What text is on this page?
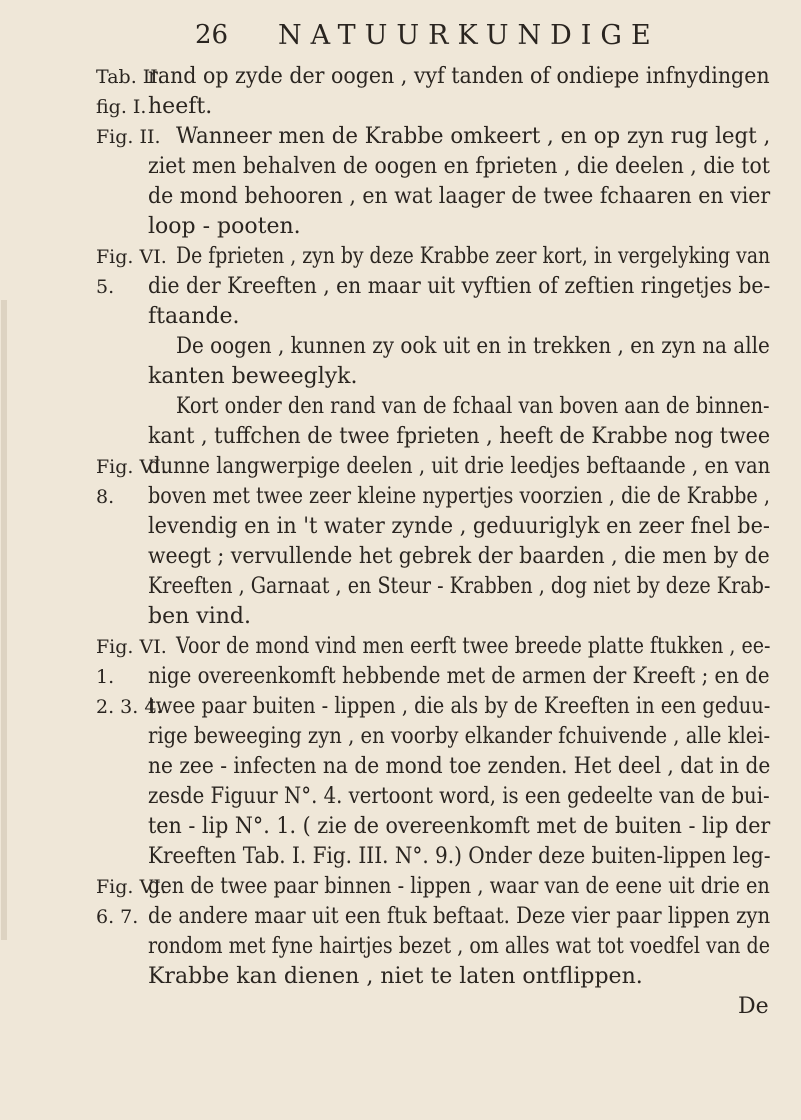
26 NATUURKUNDIGE
Tab. II.
rand op zyde der oogen , vyf tanden of ondiepe infnydingen
fig. I. heeft.
Fig. II. Wanneer men de Krabbe omkeert , en op zyn rug legt ,
ziet men behalven de oogen en fprieten , die deelen , die tot
de mond behooren , en wat laager de twee fchaaren en vier
loop - pooten.
Fig. VI. De fprieten , zyn by deze Krabbe zeer kort, in vergelyking van
5. die der Kreeften , en maar uit vyftien of zeftien ringetjes be-
ftaande.
De oogen , kunnen zy ook uit en in trekken , en zyn na alle
kanten beweeglyk.
Kort onder den rand van de fchaal van boven aan de binnen-
kant , tuffchen de twee fprieten , heeft de Krabbe nog twee
Fig. VI.
dunne langwerpige deelen , uit drie leedjes beftaande , en van
8. boven met twee zeer kleine nypertjes voorzien , die de Krabbe ,
levendig en in 't water zynde , geduuriglyk en zeer fnel be-
weegt ; vervullende het gebrek der baarden , die men by de
Kreeften , Garnaat , en Steur - Krabben , dog niet by deze Krab-
ben vind.
Fig. VI. Voor de mond vind men eerft twee breede platte ftukken , ee-
1. nige overeenkomft hebbende met de armen der Kreeft ; en de
2. 3. 4.
twee paar buiten - lippen , die als by de Kreeften in een geduu-
rige beweeging zyn , en voorby elkander fchuivende , alle klei-
ne zee - infecten na de mond toe zenden. Het deel , dat in de
zesde Figuur N°. 4. vertoont word, is een gedeelte van de bui-
ten - lip N°. 1. ( zie de overeenkomft met de buiten - lip der
Kreeften Tab. I. Fig. III. N°. 9.) Onder deze buiten-lippen leg-
Fig. VI.
gen de twee paar binnen - lippen , waar van de eene uit drie en
6. 7. de andere maar uit een ftuk beftaat. Deze vier paar lippen zyn
rondom met fyne hairtjes bezet , om alles wat tot voedfel van de
Krabbe kan dienen , niet te laten ontflippen.
De
